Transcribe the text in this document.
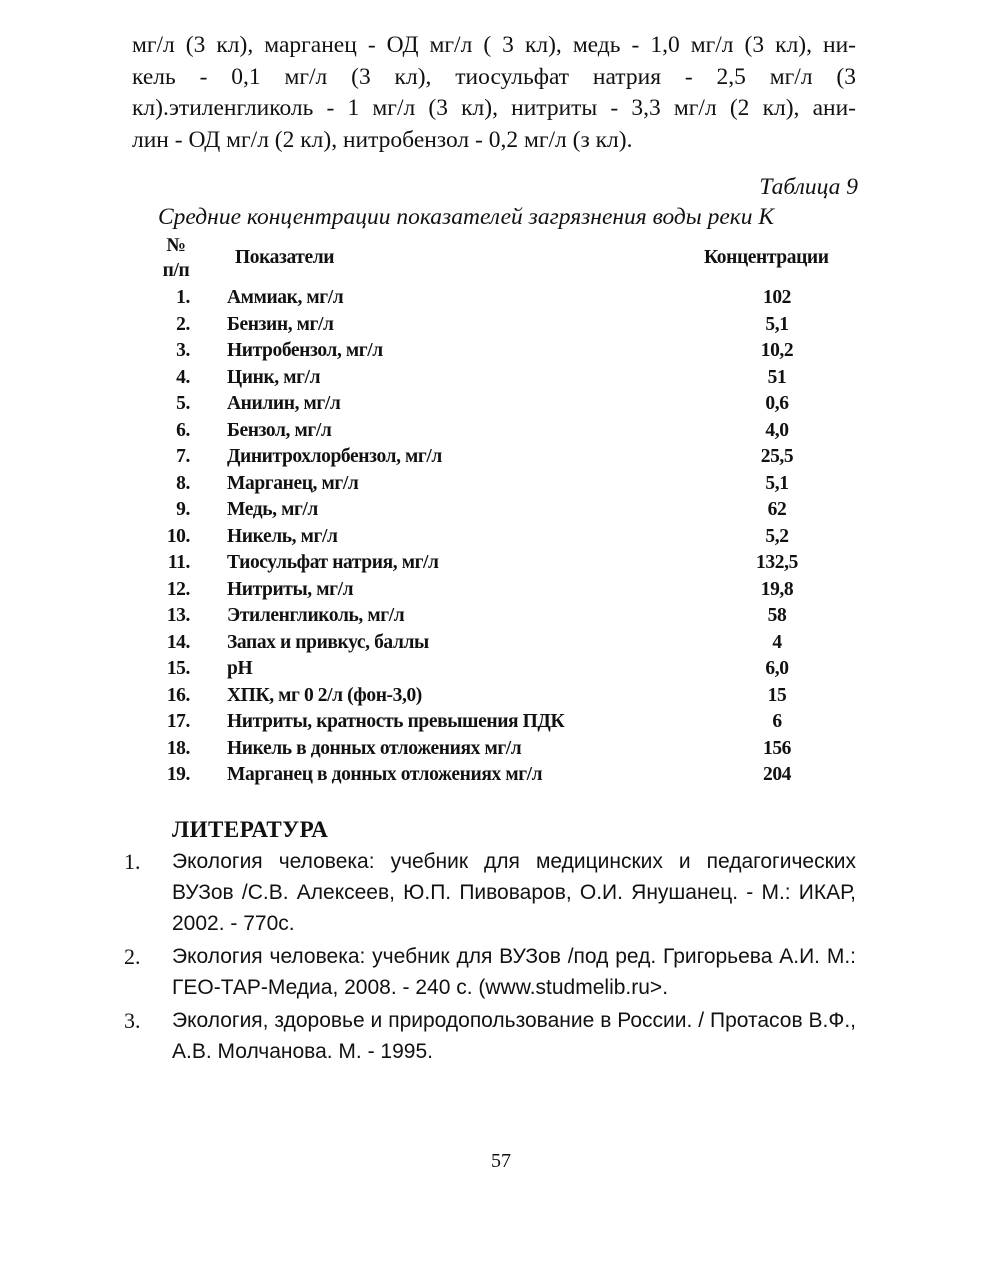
мг/л (3 кл), марганец - ОД мг/л ( 3 кл), медь - 1,0 мг/л (3 кл), ни-
кель - 0,1 мг/л (3 кл), тиосульфат натрия - 2,5 мг/л (3
кл).этиленгликоль - 1 мг/л (3 кл), нитриты - 3,3 мг/л (2 кл), ани-
лин - ОД мг/л (2 кл), нитробензол - 0,2 мг/л (з кл).

Таблица 9

Средние концентрации показателей загрязнения воды реки К

№
п/п
Показатели	Концентрации
1. Аммиак, мг/л	102
2. Бензин, мг/л	5,1
3. Нитробензол, мг/л	10,2
4. Цинк, мг/л	51
5. Анилин, мг/л	0,6
6. Бензол, мг/л	4,0
7. Динитрохлорбензол, мг/л	25,5
8. Марганец, мг/л	5,1
9. Медь, мг/л	62
10. Никель, мг/л	5,2
11. Тиосульфат натрия, мг/л	132,5
12. Нитриты, мг/л	19,8
13. Этиленгликоль, мг/л	58
14. Запах и привкус, баллы	4
15. pH	6,0
16. ХПК, мг 0 2/л (фон-3,0)	15
17. Нитриты, кратность превышения ПДК	6
18. Никель в донных отложениях мг/л	156
19. Марганец в донных отложениях мг/л	204

ЛИТЕРАТУРА

1.	Экология человека: учебник для медицинских и педагогических ВУЗов /С.В. Алексеев, Ю.П. Пивоваров, О.И. Янушанец. - М.: ИКАР, 2002. - 770с.
2.	Экология человека: учебник для ВУЗов /под ред. Григорьева А.И. М.: ГЕО-ТАР-Медиа, 2008. - 240 с. (www.studmelib.ru>.
3.	Экология, здоровье и природопользование в России. / Протасов В.Ф., А.В. Молчанова. М. - 1995.

57
